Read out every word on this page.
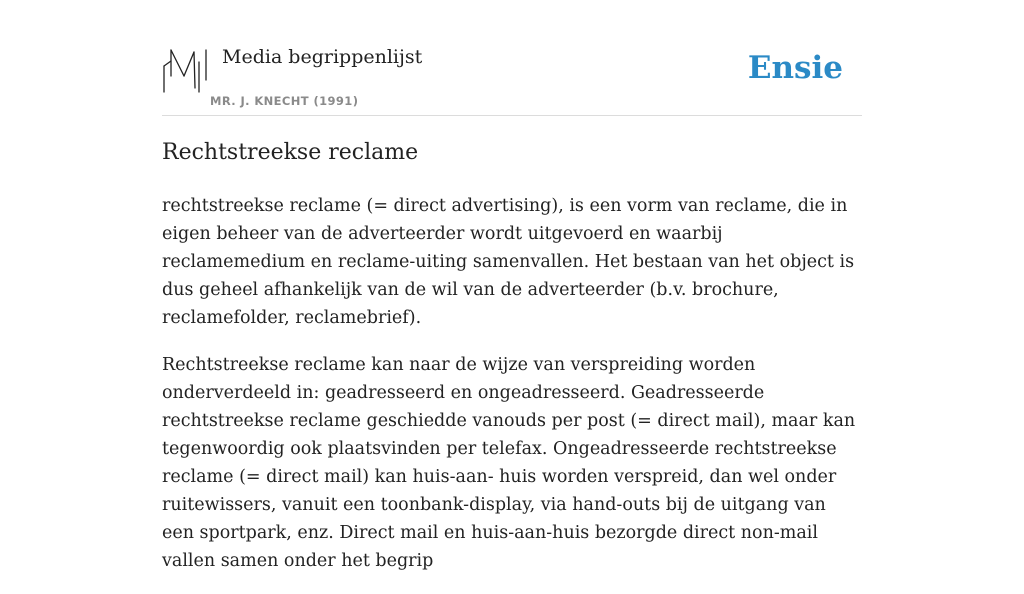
Media begrippenlijst
MR. J. KNECHT (1991)
Ensie
Rechtstreekse reclame

rechtstreekse reclame (= direct advertising), is een vorm van reclame, die in eigen beheer van de adverteerder wordt uitgevoerd en waarbij reclamemedium en reclame-uiting samenvallen. Het bestaan van het object is dus geheel afhankelijk van de wil van de adverteerder (b.v. brochure, reclamefolder, reclamebrief).

Rechtstreekse reclame kan naar de wijze van verspreiding worden onderverdeeld in: geadresseerd en ongeadresseerd. Geadresseerde rechtstreekse reclame geschiedde vanouds per post (= direct mail), maar kan tegenwoordig ook plaatsvinden per telefax. Ongeadresseerde rechtstreekse reclame (= direct mail) kan huis-aan- huis worden verspreid, dan wel onder ruitewissers, vanuit een toonbank-display, via hand-outs bij de uitgang van een sportpark, enz. Direct mail en huis-aan-huis bezorgde direct non-mail vallen samen onder het begrip
